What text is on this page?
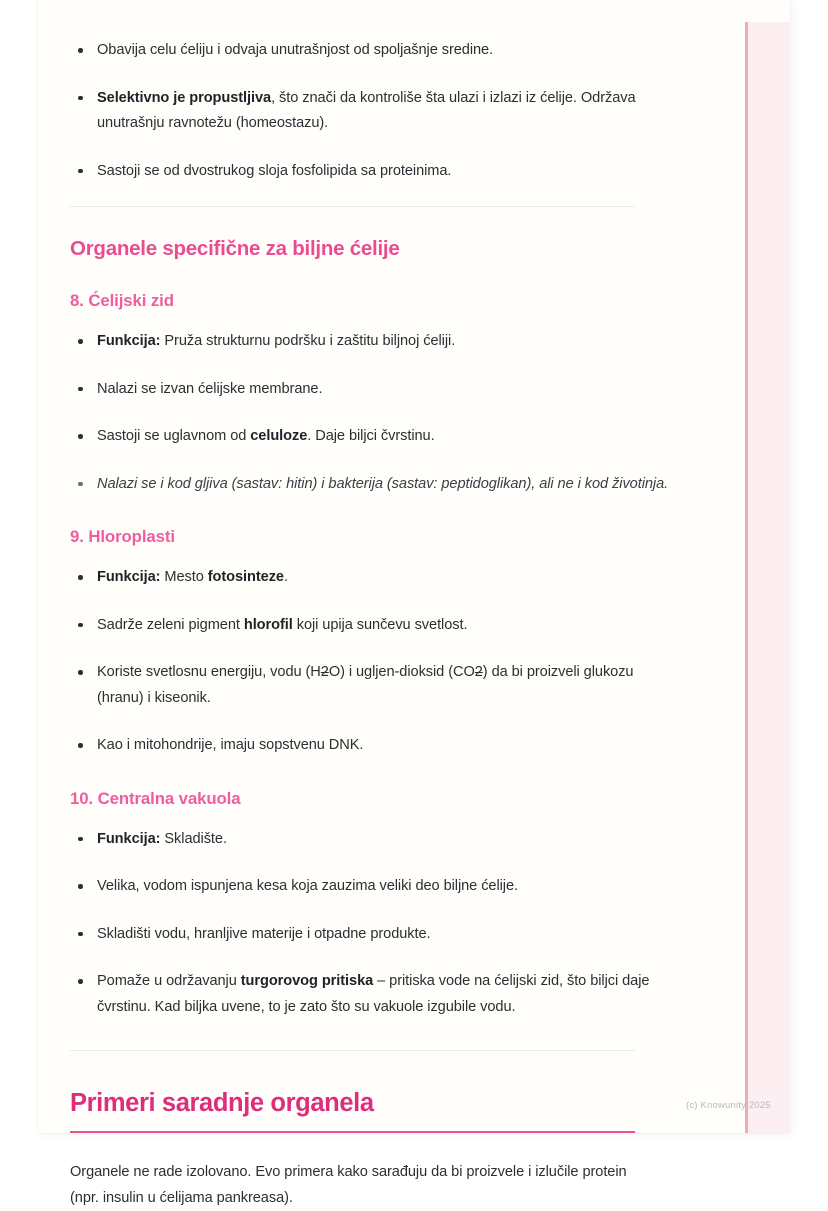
Obavija celu ćeliju i odvaja unutrašnjost od spoljašnje sredine.
Selektivno je propustljiva, što znači da kontroliše šta ulazi i izlazi iz ćelije. Održava unutrašnju ravnotežu (homeostazu).
Sastoji se od dvostrukog sloja fosfolipida sa proteinima.
Organele specifične za biljne ćelije
8. Ćelijski zid
Funkcija: Pruža strukturnu podršku i zaštitu biljnoj ćeliji.
Nalazi se izvan ćelijske membrane.
Sastoji se uglavnom od celuloze. Daje biljci čvrstinu.
Nalazi se i kod gljiva (sastav: hitin) i bakterija (sastav: peptidoglikan), ali ne i kod životinja.
9. Hloroplasti
Funkcija: Mesto fotosinteze.
Sadrže zeleni pigment hlorofil koji upija sunčevu svetlost.
Koriste svetlosnu energiju, vodu (H2O) i ugljen-dioksid (CO2) da bi proizveli glukozu (hranu) i kiseonik.
Kao i mitohondrije, imaju sopstvenu DNK.
10. Centralna vakuola
Funkcija: Skladište.
Velika, vodom ispunjena kesa koja zauzima veliki deo biljne ćelije.
Skladišti vodu, hranljive materije i otpadne produkte.
Pomaže u održavanju turgorovog pritiska – pritiska vode na ćelijski zid, što biljci daje čvrstinu. Kad biljka uvene, to je zato što su vakuole izgubile vodu.
Primeri saradnje organela

Organele ne rade izolovano. Evo primera kako sarađuju da bi proizvele i izlučile protein (npr. insulin u ćelijama pankreasa).

(c) Knowunity 2025
